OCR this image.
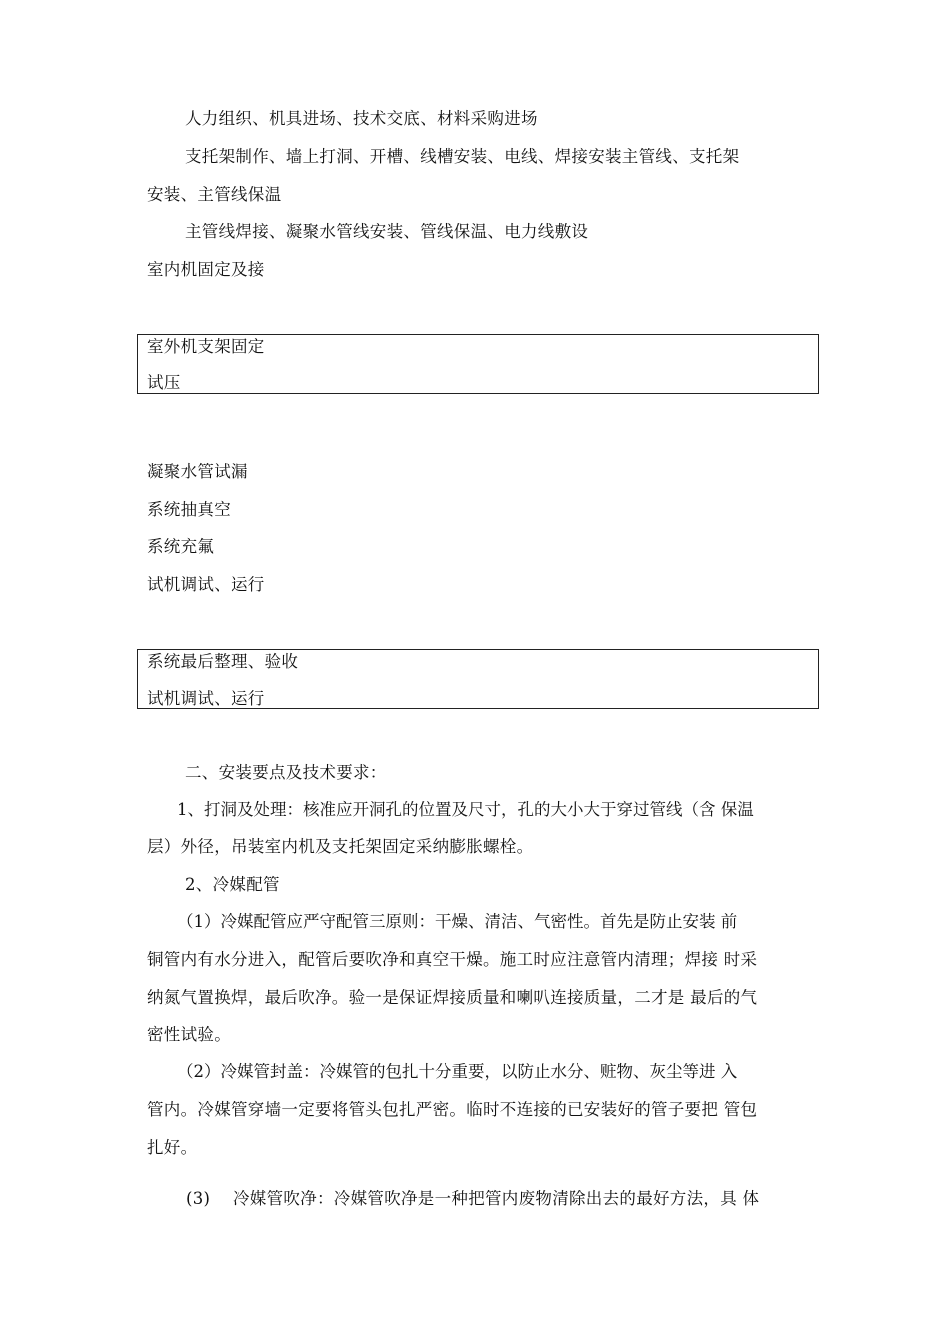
人力组织、机具进场、技术交底、材料采购进场
支托架制作、墙上打洞、开槽、线槽安装、电线、焊接安装主管线、支托架
安装、主管线保温
主管线焊接、凝聚水管线安装、管线保温、电力线敷设
室内机固定及接
室外机支架固定
试压
凝聚水管试漏
系统抽真空
系统充氟
试机调试、运行
系统最后整理、验收
试机调试、运行
二、安装要点及技术要求：
1、打洞及处理：核准应开洞孔的位置及尺寸，孔的大小大于穿过管线（含 保温
层）外径，吊装室内机及支托架固定采纳膨胀螺栓。
2、冷媒配管
（1）冷媒配管应严守配管三原则：干燥、清洁、气密性。首先是防止安装 前
铜管内有水分进入，配管后要吹净和真空干燥。施工时应注意管内清理；焊接 时采
纳氮气置换焊，最后吹净。验一是保证焊接质量和喇叭连接质量，二才是 最后的气
密性试验。
（2）冷媒管封盖：冷媒管的包扎十分重要，以防止水分、赃物、灰尘等进 入
管内。冷媒管穿墙一定要将管头包扎严密。临时不连接的已安装好的管子要把 管包
扎好。
(3) 冷媒管吹净：冷媒管吹净是一种把管内废物清除出去的最好方法，具 体
